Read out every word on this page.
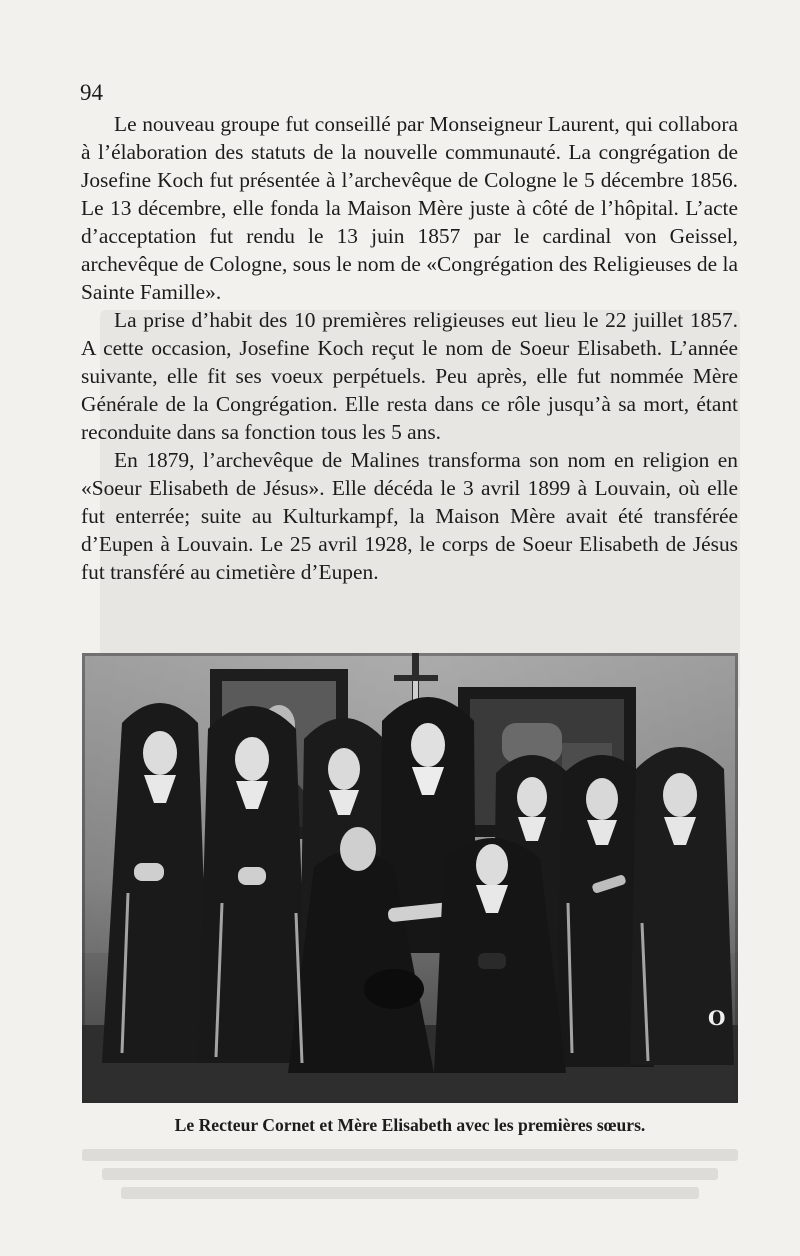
94

Le nouveau groupe fut conseillé par Monseigneur Laurent, qui collabora à l’élaboration des statuts de la nouvelle communauté. La congrégation de Josefine Koch fut présentée à l’archevêque de Cologne le 5 décembre 1856. Le 13 décembre, elle fonda la Maison Mère juste à côté de l’hôpital. L’acte d’acceptation fut rendu le 13 juin 1857 par le cardinal von Geissel, archevêque de Cologne, sous le nom de «Congrégation des Religieuses de la Sainte Famille».

La prise d’habit des 10 premières religieuses eut lieu le 22 juillet 1857. A cette occasion, Josefine Koch reçut le nom de Soeur Elisabeth. L’année suivante, elle fit ses voeux perpétuels. Peu après, elle fut nommée Mère Générale de la Congrégation. Elle resta dans ce rôle jusqu’à sa mort, étant reconduite dans sa fonction tous les 5 ans.

En 1879, l’archevêque de Malines transforma son nom en religion en «Soeur Elisabeth de Jésus». Elle décéda le 3 avril 1899 à Louvain, où elle fut enterrée; suite au Kulturkampf, la Maison Mère avait été transférée d’Eupen à Louvain. Le 25 avril 1928, le corps de Soeur Elisabeth de Jésus fut transféré au cimetière d’Eupen.

O
Le Recteur Cornet et Mère Elisabeth avec les premières sœurs.
